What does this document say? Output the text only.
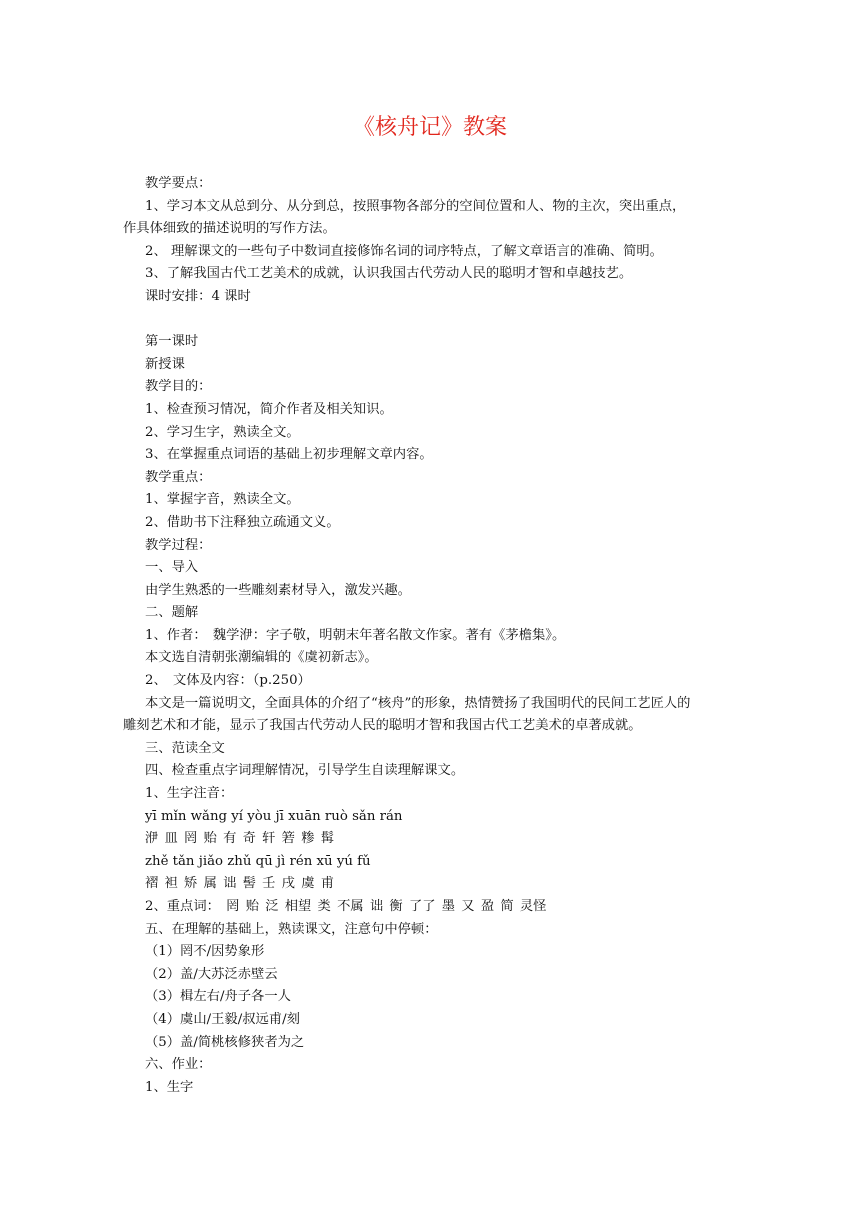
《核舟记》教案
教学要点：
1、学习本文从总到分、从分到总，按照事物各部分的空间位置和人、物的主次，突出重点，
作具体细致的描述说明的写作方法。
2、 理解课文的一些句子中数词直接修饰名词的词序特点，了解文章语言的准确、简明。
3、了解我国古代工艺美术的成就，认识我国古代劳动人民的聪明才智和卓越技艺。
课时安排：4 课时
第一课时
新授课
教学目的：
1、检查预习情况，简介作者及相关知识。
2、学习生字，熟读全文。
3、在掌握重点词语的基础上初步理解文章内容。
教学重点：
1、掌握字音，熟读全文。
2、借助书下注释独立疏通文义。
教学过程：
一、导入
由学生熟悉的一些雕刻素材导入，激发兴趣。
二、题解
1、作者： 魏学洢：字子敬，明朝末年著名散文作家。著有《茅檐集》。
本文选自清朝张潮编辑的《虞初新志》。
2、 文体及内容：（p.250）
本文是一篇说明文，全面具体的介绍了“核舟”的形象，热情赞扬了我国明代的民间工艺匠人的
雕刻艺术和才能，显示了我国古代劳动人民的聪明才智和我国古代工艺美术的卓著成就。
三、范读全文
四、检查重点字词理解情况，引导学生自读理解课文。
1、生字注音：
yī mǐn wǎng yí yòu jī xuān ruò sǎn rán
洢 皿 罔 贻 有 奇 轩 箬 糁 髯
zhě tǎn jiǎo zhǔ qū jì rén xū yú fǔ
褶 袒 矫 属 诎 髻 壬 戌 虞 甫
2、重点词： 罔 贻 泛 相望 类 不属 诎 衡 了了 墨 又 盈 简 灵怪
五、在理解的基础上，熟读课文，注意句中停顿：
（1）罔不/因势象形
（2）盖/大苏泛赤壁云
（3）楫左右/舟子各一人
（4）虞山/王毅/叔远甫/刻
（5）盖/简桃核修狭者为之
六、作业：
1、生字
